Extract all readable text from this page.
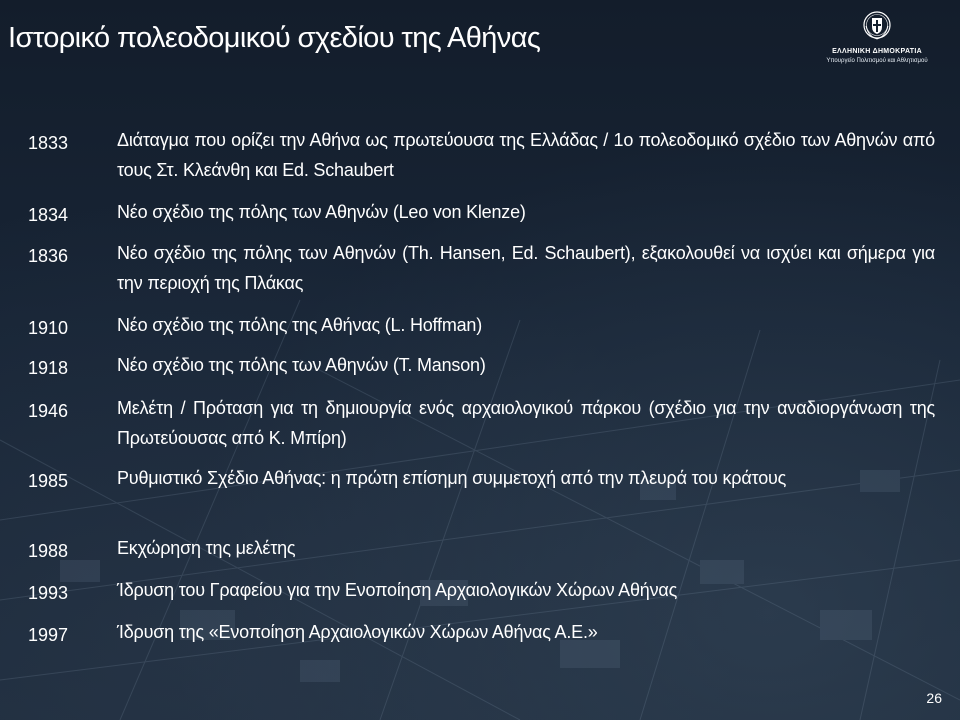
Ιστορικό πολεοδομικού σχεδίου της Αθήνας	ΕΛΛΗΝΙΚΗ ΔΗΜΟΚΡΑΤΙΑ
Υπουργείο Πολιτισμού και Αθλητισμού
1833	Διάταγμα που ορίζει την Αθήνα ως πρωτεύουσα της Ελλάδας / 1ο πολεοδομικό σχέδιο των Αθηνών από τους Στ. Κλεάνθη και Ed. Schaubert
1834	Νέο σχέδιο της πόλης των Αθηνών (Leo von Klenze)
1836	Νέο σχέδιο της πόλης των Αθηνών (Th. Hansen, Ed. Schaubert), εξακολουθεί να ισχύει και σήμερα για την περιοχή της Πλάκας
1910	Νέο σχέδιο της πόλης της Αθήνας (L. Hoffman)
1918	Νέο σχέδιο της πόλης των Αθηνών (T. Manson)
1946	Μελέτη / Πρόταση για τη δημιουργία ενός αρχαιολογικού πάρκου (σχέδιο για την αναδιοργάνωση της Πρωτεύουσας από Κ. Μπίρη)
1985	Ρυθμιστικό Σχέδιο Αθήνας: η πρώτη επίσημη συμμετοχή από την πλευρά του κράτους
1988	Εκχώρηση της μελέτης
1993	Ίδρυση του Γραφείου για την Ενοποίηση Αρχαιολογικών Χώρων Αθήνας
1997	Ίδρυση της «Ενοποίηση Αρχαιολογικών Χώρων Αθήνας Α.Ε.»
26
